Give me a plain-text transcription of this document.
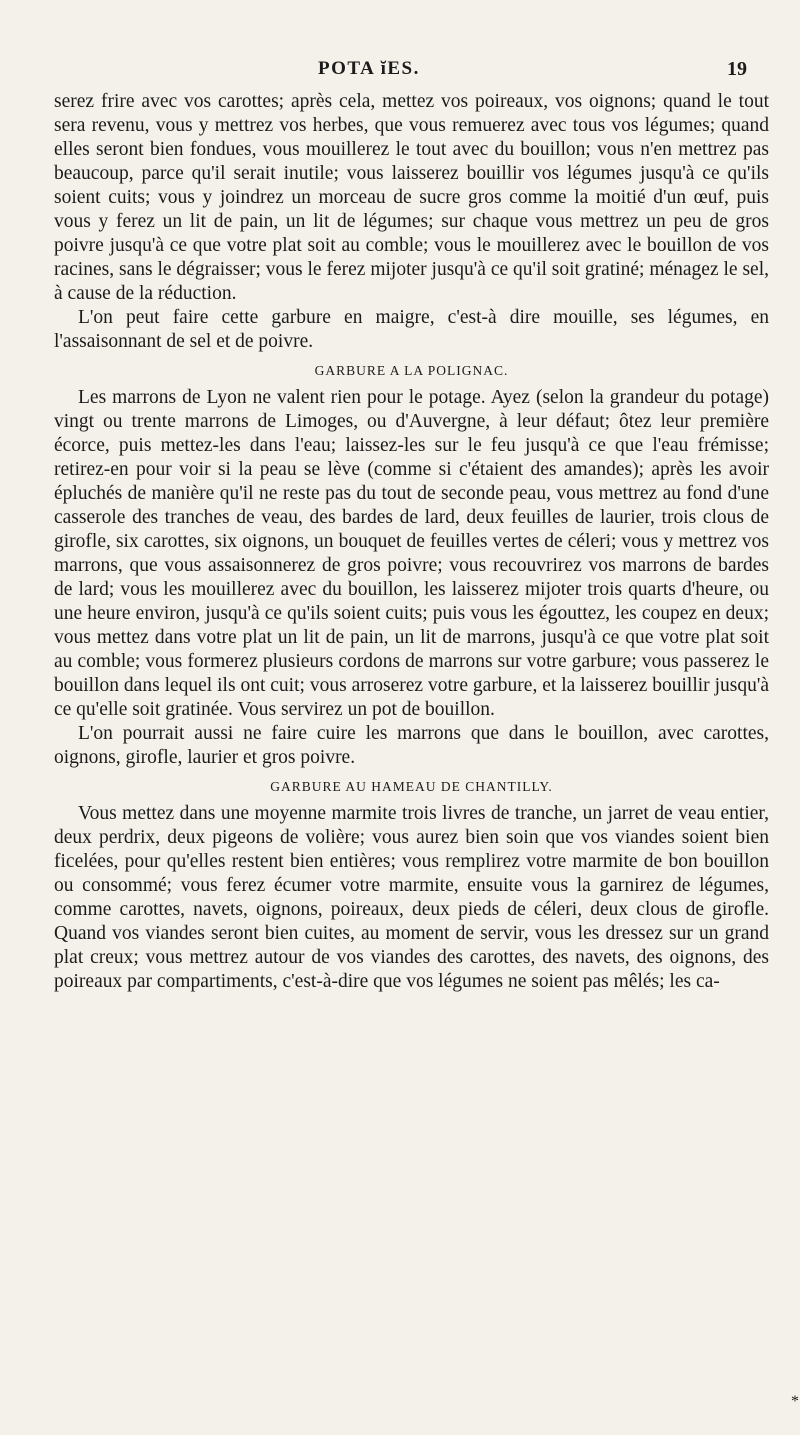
POTA ĭES.	19

serez frire avec vos carottes; après cela, mettez vos poireaux, vos oignons; quand le tout sera revenu, vous y mettrez vos herbes, que vous remuerez avec tous vos légumes; quand elles seront bien fondues, vous mouillerez le tout avec du bouillon; vous n'en mettrez pas beaucoup, parce qu'il serait inutile; vous laisserez bouillir vos légumes jusqu'à ce qu'ils soient cuits; vous y joindrez un morceau de sucre gros comme la moitié d'un œuf, puis vous y ferez un lit de pain, un lit de légumes; sur chaque vous mettrez un peu de gros poivre jusqu'à ce que votre plat soit au comble; vous le mouillerez avec le bouillon de vos racines, sans le dégraisser; vous le ferez mijoter jusqu'à ce qu'il soit gratiné; ménagez le sel, à cause de la réduction.

L'on peut faire cette garbure en maigre, c'est-à dire mouille, ses légumes, en l'assaisonnant de sel et de poivre.

GARBURE A LA POLIGNAC.

Les marrons de Lyon ne valent rien pour le potage. Ayez (selon la grandeur du potage) vingt ou trente marrons de Limoges, ou d'Auvergne, à leur défaut; ôtez leur première écorce, puis mettez-les dans l'eau; laissez-les sur le feu jusqu'à ce que l'eau frémisse; retirez-en pour voir si la peau se lève (comme si c'étaient des amandes); après les avoir épluchés de manière qu'il ne reste pas du tout de seconde peau, vous mettrez au fond d'une casserole des tranches de veau, des bardes de lard, deux feuilles de laurier, trois clous de girofle, six carottes, six oignons, un bouquet de feuilles vertes de céleri; vous y mettrez vos marrons, que vous assaisonnerez de gros poivre; vous recouvrirez vos marrons de bardes de lard; vous les mouillerez avec du bouillon, les laisserez mijoter trois quarts d'heure, ou une heure environ, jusqu'à ce qu'ils soient cuits; puis vous les égouttez, les coupez en deux; vous mettez dans votre plat un lit de pain, un lit de marrons, jusqu'à ce que votre plat soit au comble; vous formerez plusieurs cordons de marrons sur votre garbure; vous passerez le bouillon dans lequel ils ont cuit; vous arroserez votre garbure, et la laisserez bouillir jusqu'à ce qu'elle soit gratinée. Vous servirez un pot de bouillon.

L'on pourrait aussi ne faire cuire les marrons que dans le bouillon, avec carottes, oignons, girofle, laurier et gros poivre.

GARBURE AU HAMEAU DE CHANTILLY.

Vous mettez dans une moyenne marmite trois livres de tranche, un jarret de veau entier, deux perdrix, deux pigeons de volière; vous aurez bien soin que vos viandes soient bien ficelées, pour qu'elles restent bien entières; vous remplirez votre marmite de bon bouillon ou consommé; vous ferez écumer votre marmite, ensuite vous la garnirez de légumes, comme carottes, navets, oignons, poireaux, deux pieds de céleri, deux clous de girofle. Quand vos viandes seront bien cuites, au moment de servir, vous les dressez sur un grand plat creux; vous mettrez autour de vos viandes des carottes, des navets, des oignons, des poireaux par compartiments, c'est-à-dire que vos légumes ne soient pas mêlés; les ca-

*
